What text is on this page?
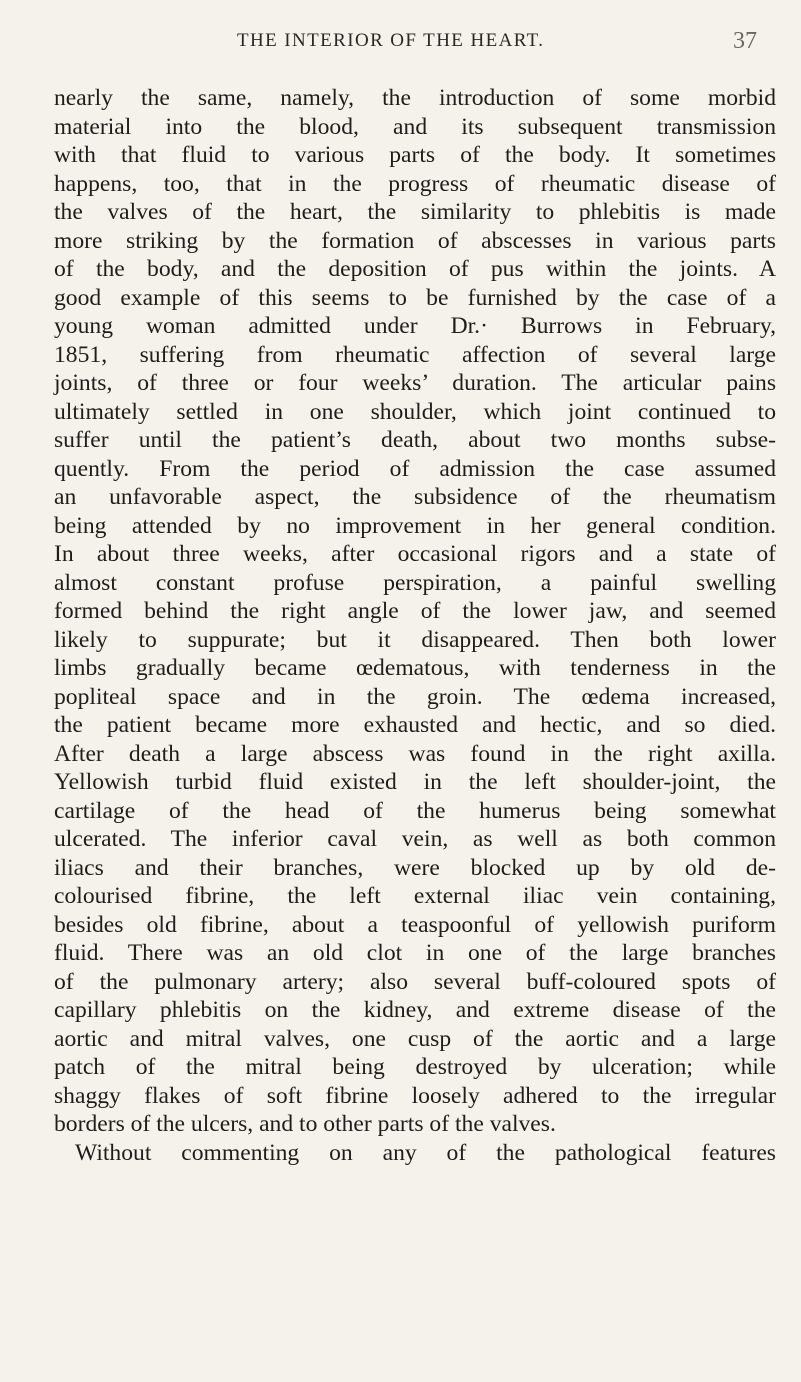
THE INTERIOR OF THE HEART.	37
nearly the same, namely, the introduction of some morbid
material into the blood, and its subsequent transmission
with that fluid to various parts of the body. It sometimes
happens, too, that in the progress of rheumatic disease of
the valves of the heart, the similarity to phlebitis is made
more striking by the formation of abscesses in various parts
of the body, and the deposition of pus within the joints. A
good example of this seems to be furnished by the case of a
young woman admitted under Dr.· Burrows in February,
1851, suffering from rheumatic affection of several large
joints, of three or four weeks’ duration. The articular pains
ultimately settled in one shoulder, which joint continued to
suffer until the patient’s death, about two months subse-
quently. From the period of admission the case assumed
an unfavorable aspect, the subsidence of the rheumatism
being attended by no improvement in her general condition.
In about three weeks, after occasional rigors and a state of
almost constant profuse perspiration, a painful swelling
formed behind the right angle of the lower jaw, and seemed
likely to suppurate; but it disappeared. Then both lower
limbs gradually became œdematous, with tenderness in the
popliteal space and in the groin. The œdema increased,
the patient became more exhausted and hectic, and so died.
After death a large abscess was found in the right axilla.
Yellowish turbid fluid existed in the left shoulder-joint, the
cartilage of the head of the humerus being somewhat
ulcerated. The inferior caval vein, as well as both common
iliacs and their branches, were blocked up by old de-
colourised fibrine, the left external iliac vein containing,
besides old fibrine, about a teaspoonful of yellowish puriform
fluid. There was an old clot in one of the large branches
of the pulmonary artery; also several buff-coloured spots of
capillary phlebitis on the kidney, and extreme disease of the
aortic and mitral valves, one cusp of the aortic and a large
patch of the mitral being destroyed by ulceration; while
shaggy flakes of soft fibrine loosely adhered to the irregular
borders of the ulcers, and to other parts of the valves.
Without commenting on any of the pathological features
